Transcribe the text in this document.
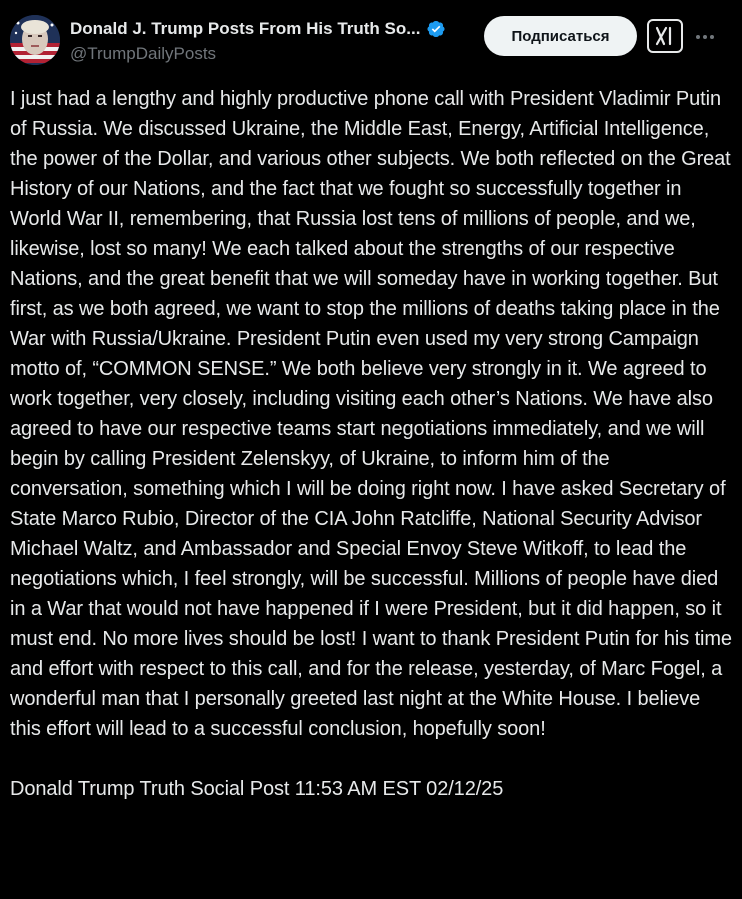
Donald J. Trump Posts From His Truth So...
@TrumpDailyPosts
Подписаться
I just had a lengthy and highly productive phone call with President Vladimir Putin of Russia. We discussed Ukraine, the Middle East, Energy, Artificial Intelligence, the power of the Dollar, and various other subjects. We both reflected on the Great History of our Nations, and the fact that we fought so successfully together in World War II, remembering, that Russia lost tens of millions of people, and we, likewise, lost so many! We each talked about the strengths of our respective Nations, and the great benefit that we will someday have in working together. But first, as we both agreed, we want to stop the millions of deaths taking place in the War with Russia/Ukraine. President Putin even used my very strong Campaign motto of, “COMMON SENSE.” We both believe very strongly in it. We agreed to work together, very closely, including visiting each other’s Nations. We have also agreed to have our respective teams start negotiations immediately, and we will begin by calling President Zelenskyy, of Ukraine, to inform him of the conversation, something which I will be doing right now. I have asked Secretary of State Marco Rubio, Director of the CIA John Ratcliffe, National Security Advisor Michael Waltz, and Ambassador and Special Envoy Steve Witkoff, to lead the negotiations which, I feel strongly, will be successful. Millions of people have died in a War that would not have happened if I were President, but it did happen, so it must end. No more lives should be lost! I want to thank President Putin for his time and effort with respect to this call, and for the release, yesterday, of Marc Fogel, a wonderful man that I personally greeted last night at the White House. I believe this effort will lead to a successful conclusion, hopefully soon!

Donald Trump Truth Social Post 11:53 AM EST 02/12/25
